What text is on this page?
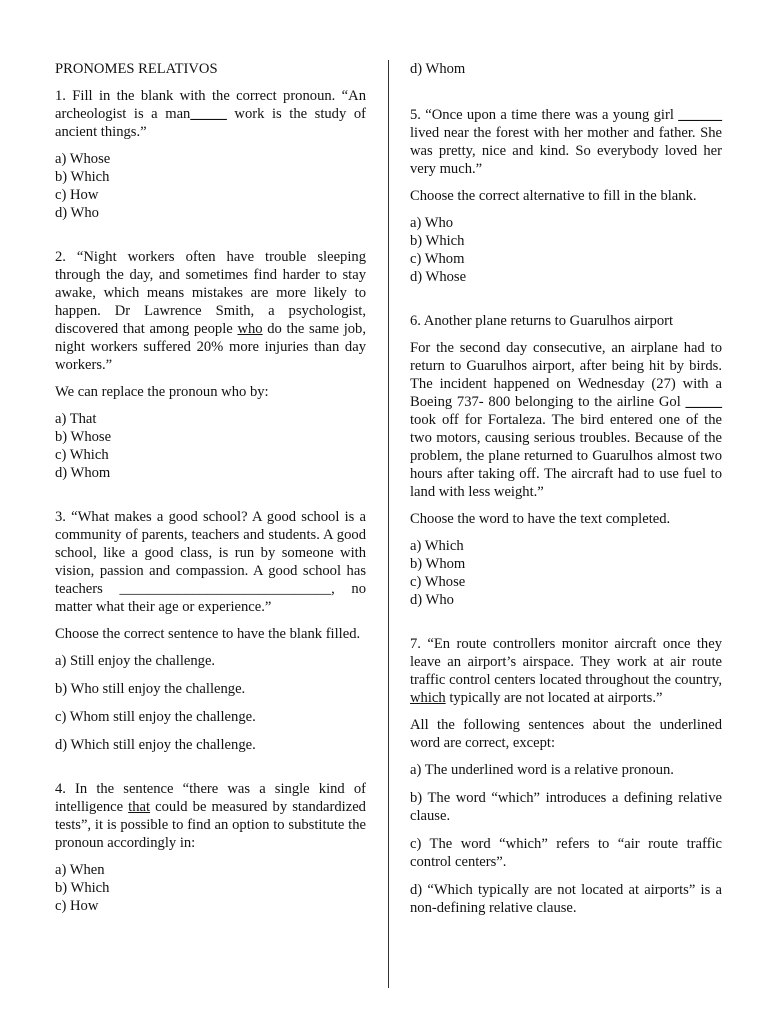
PRONOMES RELATIVOS

1. Fill in the blank with the correct pronoun. “An archeologist is a man_____ work is the study of ancient things.”

a) Whose
b) Which
c) How
d) Who

2. “Night workers often have trouble sleeping through the day, and sometimes find harder to stay awake, which means mistakes are more likely to happen. Dr Lawrence Smith, a psychologist, discovered that among people who do the same job, night workers suffered 20% more injuries than day workers.”

We can replace the pronoun who by:

a) That
b) Whose
c) Which
d) Whom

3. “What makes a good school? A good school is a community of parents, teachers and students. A good school, like a good class, is run by someone with vision, passion and compassion. A good school has teachers _____________________________, no matter what their age or experience.”

Choose the correct sentence to have the blank filled.

a) Still enjoy the challenge.
b) Who still enjoy the challenge.
c) Whom still enjoy the challenge.
d) Which still enjoy the challenge.

4. In the sentence “there was a single kind of intelligence that could be measured by standardized tests”, it is possible to find an option to substitute the pronoun accordingly in:

a) When
b) Which
c) How
d) Whom

5. “Once upon a time there was a young girl ______ lived near the forest with her mother and father. She was pretty, nice and kind. So everybody loved her very much.”

Choose the correct alternative to fill in the blank.

a) Who
b) Which
c) Whom
d) Whose

6. Another plane returns to Guarulhos airport

For the second day consecutive, an airplane had to return to Guarulhos airport, after being hit by birds. The incident happened on Wednesday (27) with a Boeing 737- 800 belonging to the airline Gol _____ took off for Fortaleza. The bird entered one of the two motors, causing serious troubles. Because of the problem, the plane returned to Guarulhos almost two hours after taking off. The aircraft had to use fuel to land with less weight.”

Choose the word to have the text completed.

a) Which
b) Whom
c) Whose
d) Who

7. “En route controllers monitor aircraft once they leave an airport’s airspace. They work at air route traffic control centers located throughout the country, which typically are not located at airports.”

All the following sentences about the underlined word are correct, except:

a) The underlined word is a relative pronoun.
b) The word “which” introduces a defining relative clause.
c) The word “which” refers to “air route traffic control centers”.
d) “Which typically are not located at airports” is a non-defining relative clause.
